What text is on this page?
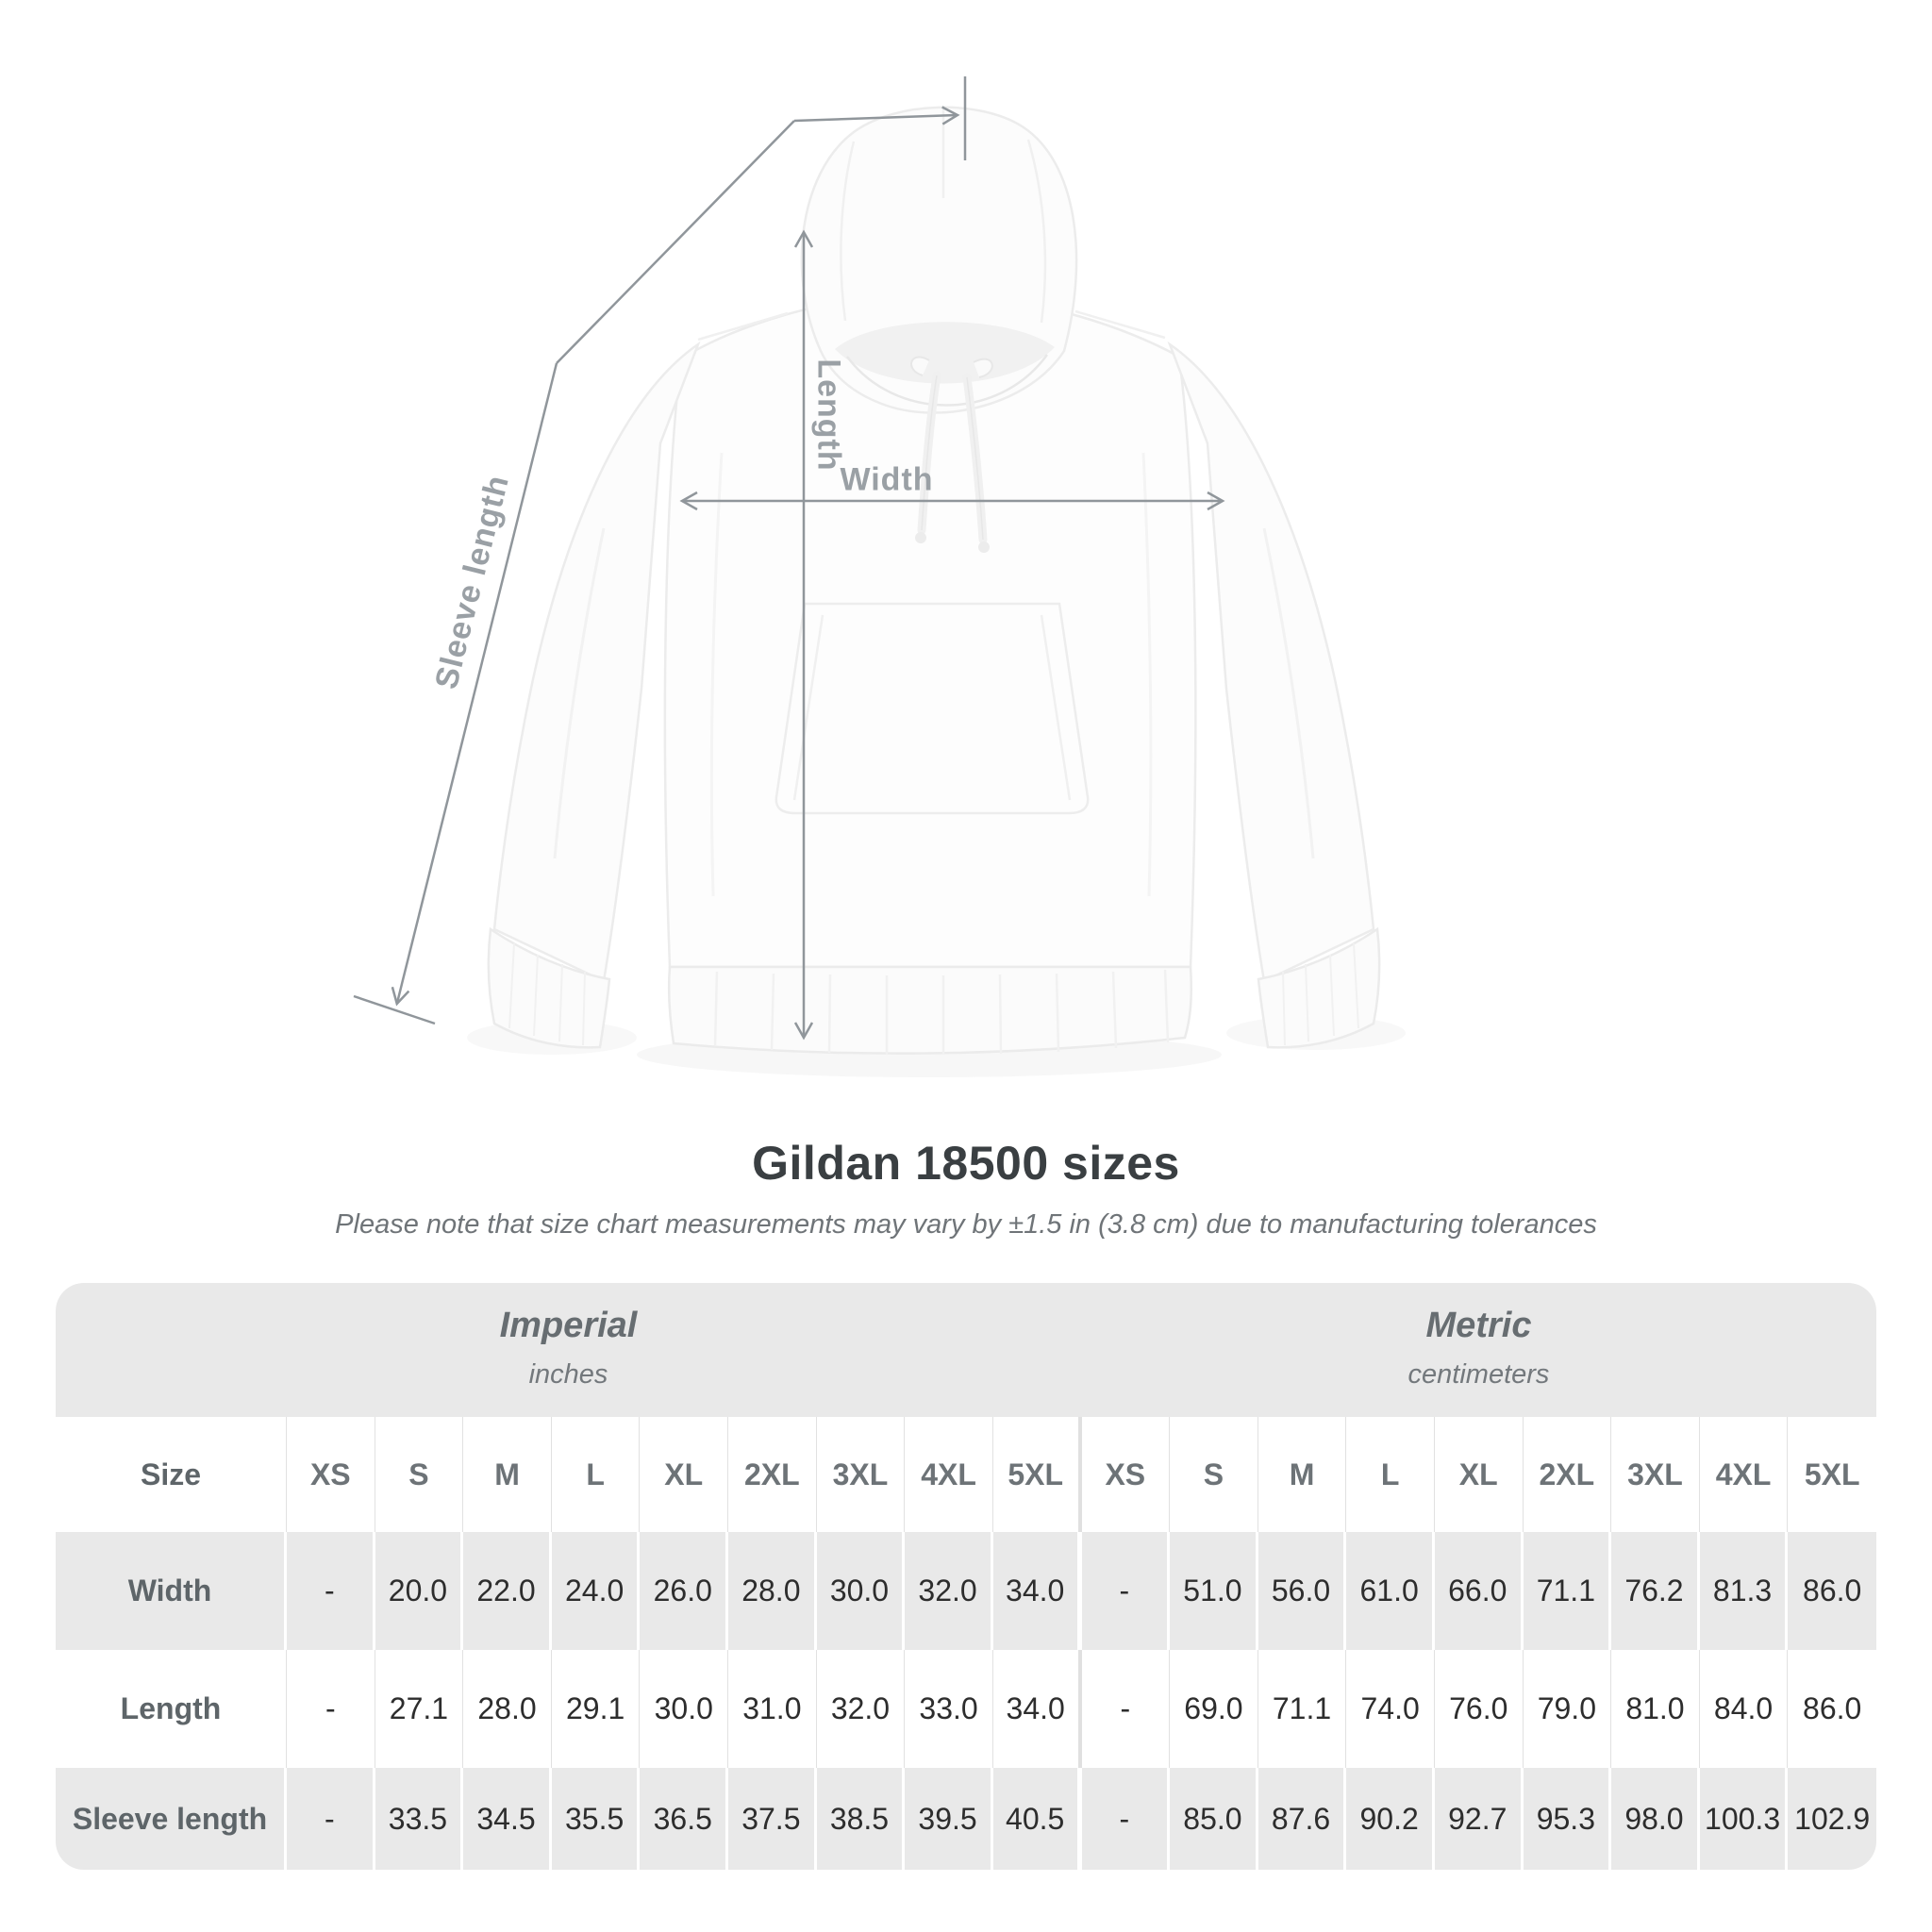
Sleeve length
Length
Width
Gildan 18500 sizes

Please note that size chart measurements may vary by ±1.5 in (3.8 cm) due to manufacturing tolerances

Imperial
inches
Metric
centimeters
Size	XS	S	M	L	XL	2XL	3XL	4XL	5XL	XS	S	M	L	XL	2XL	3XL	4XL	5XL
Width	-	20.0 22.0 24.0 26.0 28.0 30.0 32.0 34.0	-	51.0 56.0 61.0 66.0 71.1 76.2 81.3	86.0
Length	-	27.1 28.0 29.1 30.0 31.0 32.0 33.0 34.0	-	69.0 71.1 74.0 76.0 79.0 81.0 84.0 86.0
Sleeve length	-	33.5 34.5 35.5 36.5 37.5 38.5 39.5 40.5	-	85.0 87.6 90.2 92.7 95.3 98.0 100.3 102.9
